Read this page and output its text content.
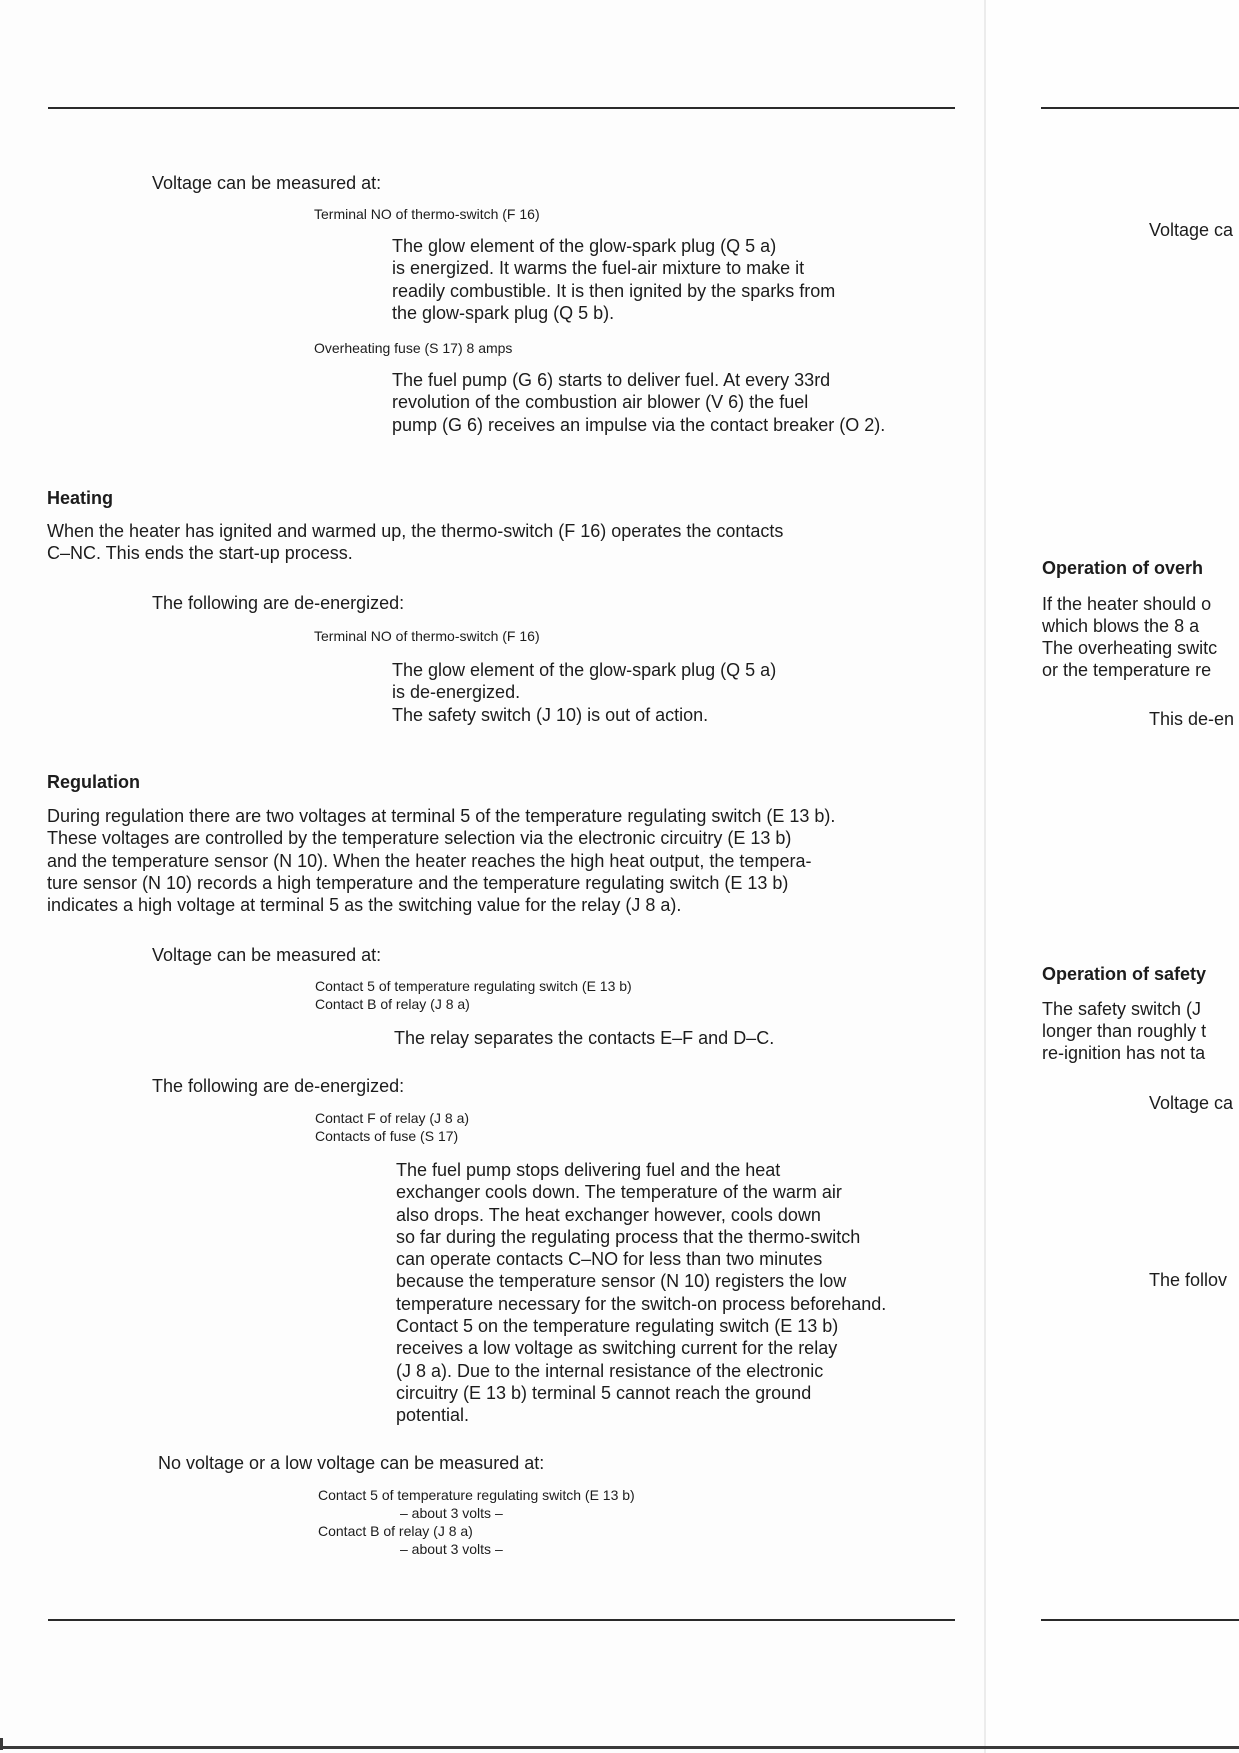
Voltage can be measured at:
Terminal NO of thermo-switch (F 16)
The glow element of the glow-spark plug (Q 5 a)
is energized. It warms the fuel-air mixture to make it
readily combustible. It is then ignited by the sparks from
the glow-spark plug (Q 5 b).
Overheating fuse (S 17) 8 amps
The fuel pump (G 6) starts to deliver fuel. At every 33rd
revolution of the combustion air blower (V 6) the fuel
pump (G 6) receives an impulse via the contact breaker (O 2).
Heating
When the heater has ignited and warmed up, the thermo-switch (F 16) operates the contacts
C–NC. This ends the start-up process.
The following are de-energized:
Terminal NO of thermo-switch (F 16)
The glow element of the glow-spark plug (Q 5 a)
is de-energized.
The safety switch (J 10) is out of action.
Regulation
During regulation there are two voltages at terminal 5 of the temperature regulating switch (E 13 b).
These voltages are controlled by the temperature selection via the electronic circuitry (E 13 b)
and the temperature sensor (N 10). When the heater reaches the high heat output, the tempera-
ture sensor (N 10) records a high temperature and the temperature regulating switch (E 13 b)
indicates a high voltage at terminal 5 as the switching value for the relay (J 8 a).
Voltage can be measured at:
Contact 5 of temperature regulating switch (E 13 b)
Contact B of relay (J 8 a)
The relay separates the contacts E–F and D–C.
The following are de-energized:
Contact F of relay (J 8 a)
Contacts of fuse (S 17)
The fuel pump stops delivering fuel and the heat
exchanger cools down. The temperature of the warm air
also drops. The heat exchanger however, cools down
so far during the regulating process that the thermo-switch
can operate contacts C–NO for less than two minutes
because the temperature sensor (N 10) registers the low
temperature necessary for the switch-on process beforehand.
Contact 5 on the temperature regulating switch (E 13 b)
receives a low voltage as switching current for the relay
(J 8 a). Due to the internal resistance of the electronic
circuitry (E 13 b) terminal 5 cannot reach the ground
potential.
No voltage or a low voltage can be measured at:
Contact 5 of temperature regulating switch (E 13 b)
– about 3 volts –
Contact B of relay (J 8 a)
– about 3 volts –
Voltage ca
Operation of overh
If the heater should o
which blows the 8 a
The overheating switc
or the temperature re
This de-en
Operation of safety
The safety switch (J
longer than roughly t
re-ignition has not ta
Voltage ca
The follov
